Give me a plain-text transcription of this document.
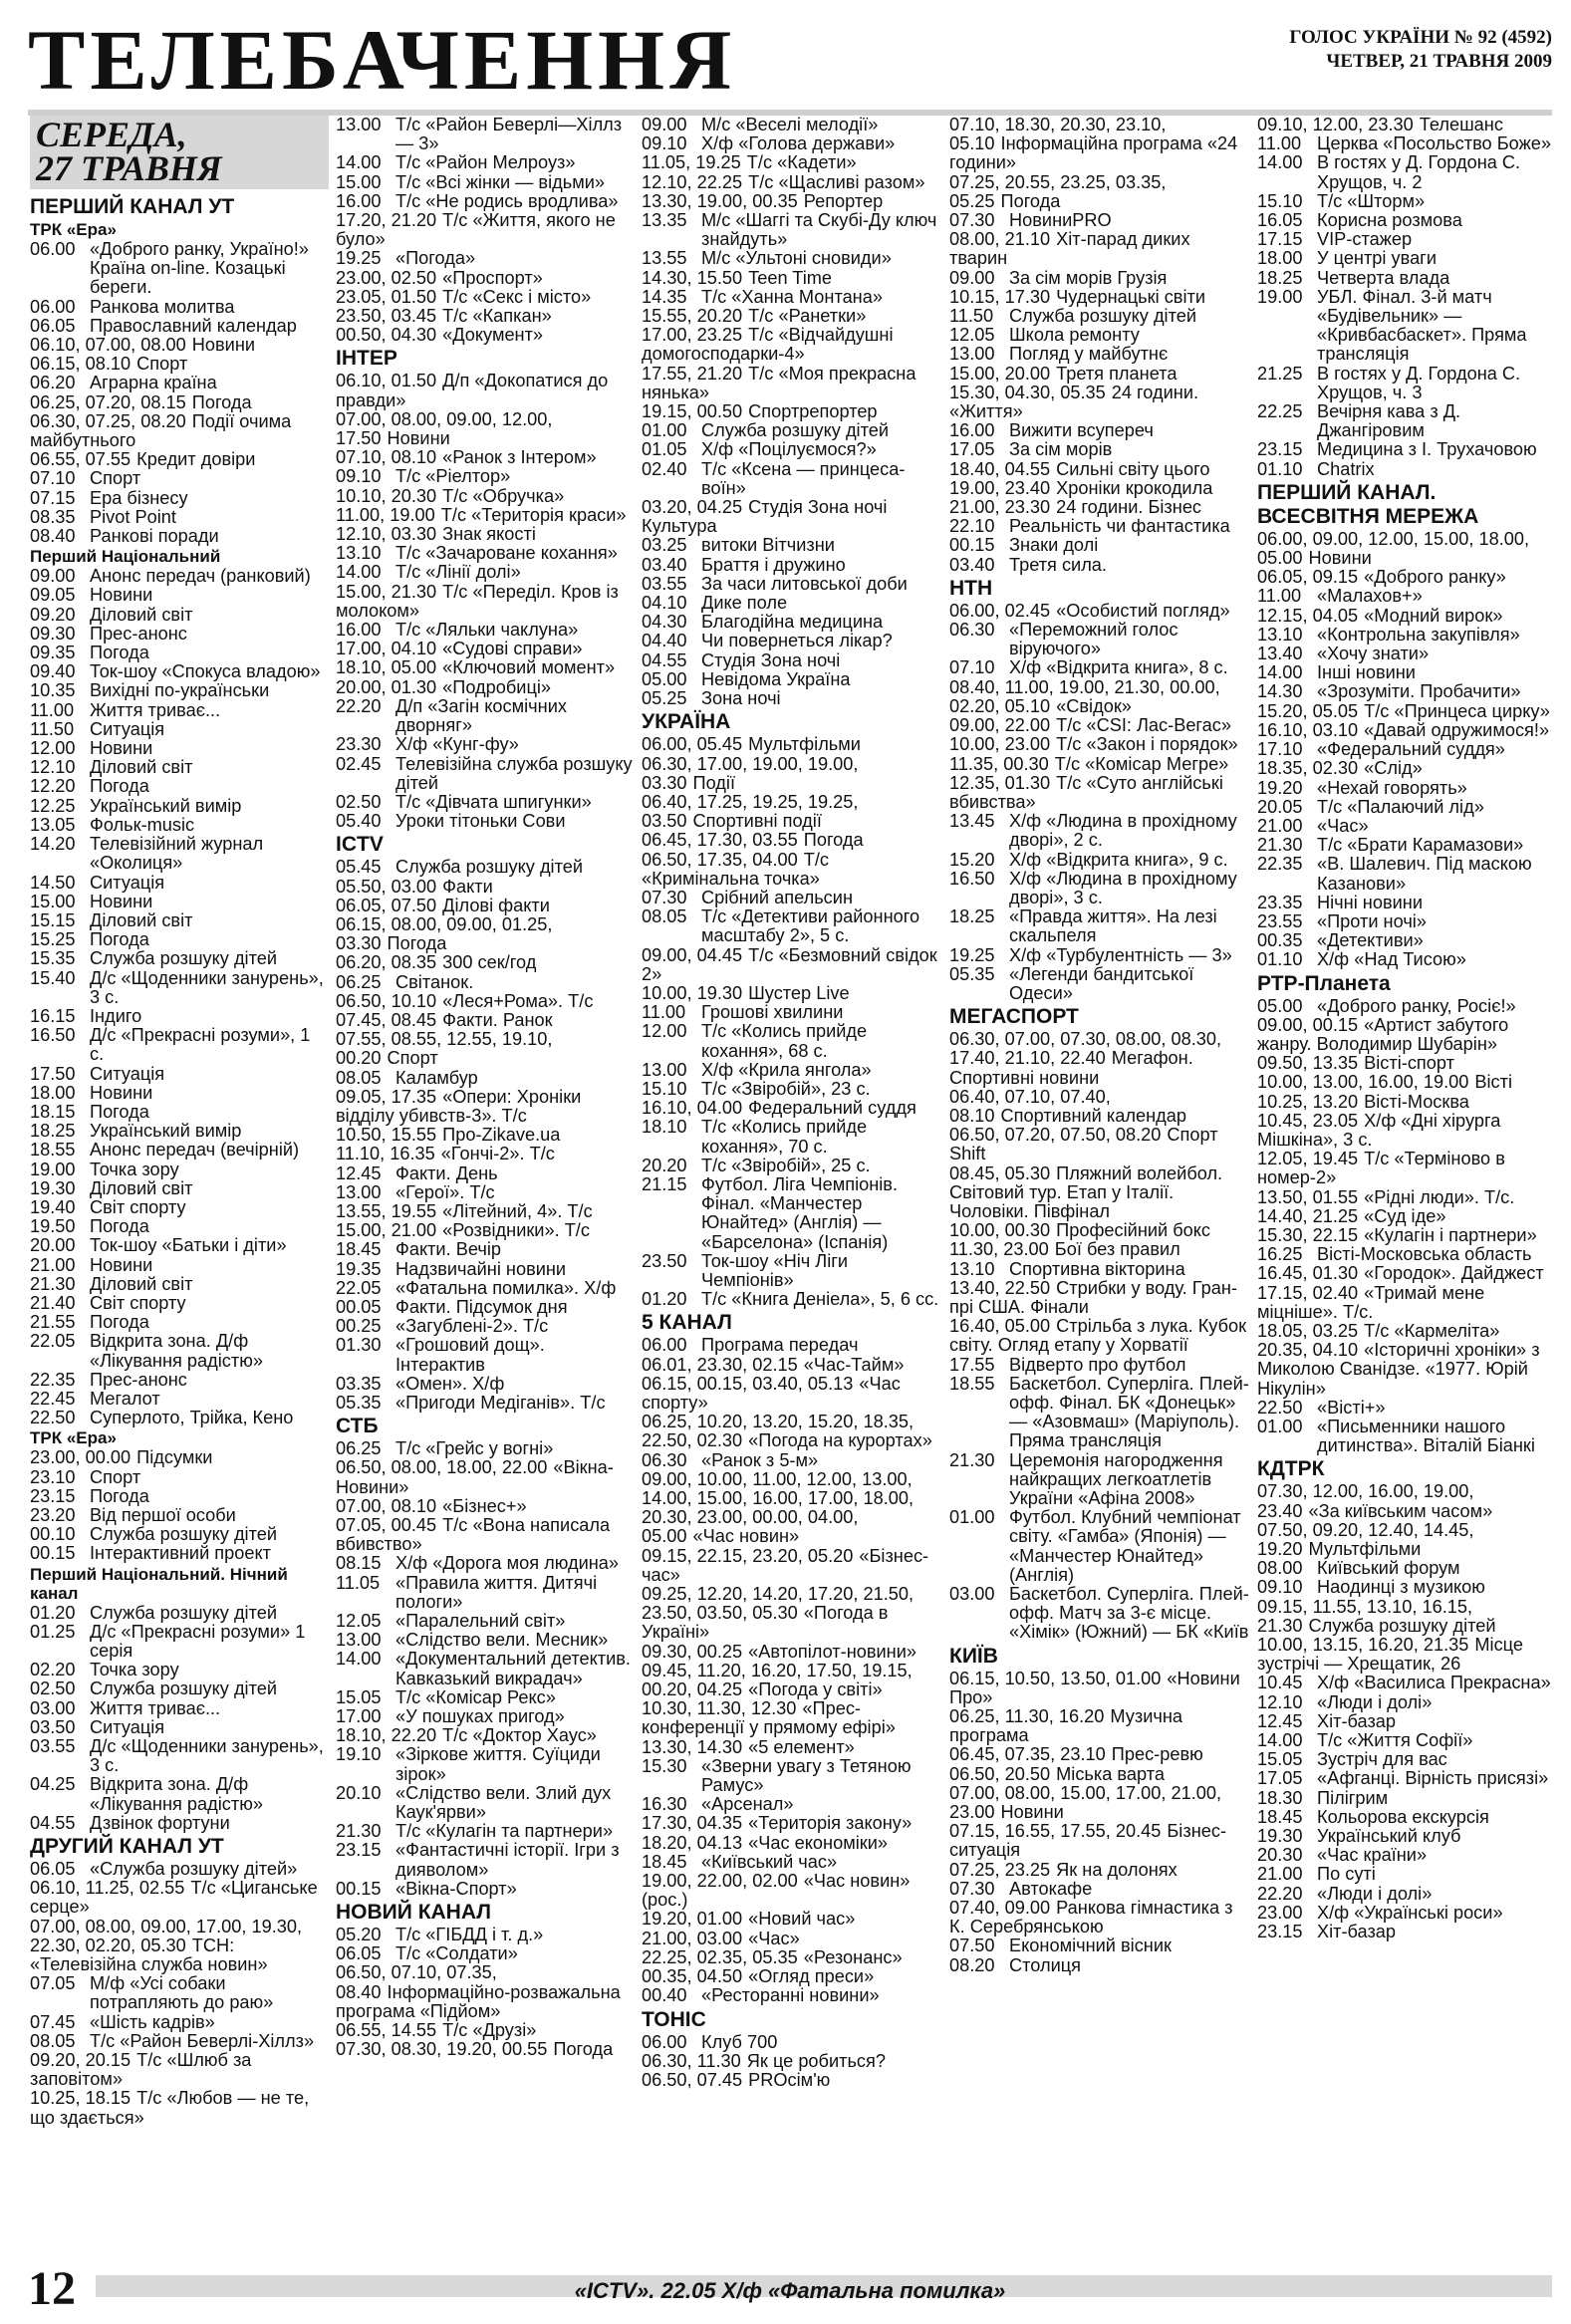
ТЕЛЕБАЧЕННЯ	ГОЛОС УКРАЇНИ № 92 (4592)
ЧЕТВЕР, 21 ТРАВНЯ 2009
СЕРЕДА,
27 ТРАВНЯ
ПЕРШИЙ КАНАЛ УТ
ТРК «Ера»
06.00 «Доброго ранку, Україно!» Країна on-line. Козацькі береги.
06.00 Ранкова молитва
06.05 Православний календар
06.10, 07.00, 08.00 Новини
06.15, 08.10 Спорт
06.20 Аграрна країна
06.25, 07.20, 08.15 Погода
06.30, 07.25, 08.20 Події очима майбутнього
06.55, 07.55 Кредит довіри
07.10 Спорт
07.15 Ера бізнесу
08.35 Pivot Point
08.40 Ранкові поради
Перший Національний
09.00 Анонс передач (ранковий)
09.05 Новини
09.20 Діловий світ
09.30 Прес-анонс
09.35 Погода
09.40 Ток-шоу «Спокуса владою»
10.35 Вихідні по-українськи
11.00 Життя триває...
11.50 Ситуація
12.00 Новини
12.10 Діловий світ
12.20 Погода
12.25 Український вимір
13.05 Фольк-music
14.20 Телевізійний журнал «Околиця»
14.50 Ситуація
15.00 Новини
15.15 Діловий світ
15.25 Погода
15.35 Служба розшуку дітей
15.40 Д/с «Щоденники занурень», 3 с.
16.15 Індиго
16.50 Д/с «Прекрасні розуми», 1 с.
17.50 Ситуація
18.00 Новини
18.15 Погода
18.25 Український вимір
18.55 Анонс передач (вечірній)
19.00 Точка зору
19.30 Діловий світ
19.40 Світ спорту
19.50 Погода
20.00 Ток-шоу «Батьки і діти»
21.00 Новини
21.30 Діловий світ
21.40 Світ спорту
21.55 Погода
22.05 Відкрита зона. Д/ф «Лікування радістю»
22.35 Прес-анонс
22.45 Мегалот
22.50 Суперлото, Трійка, Кено
ТРК «Ера»
23.00, 00.00 Підсумки
23.10 Спорт
23.15 Погода
23.20 Від першої особи
00.10 Служба розшуку дітей
00.15 Інтерактивний проект
Перший Національний. Нічний канал
01.20 Служба розшуку дітей
01.25 Д/с «Прекрасні розуми» 1 серія
02.20 Точка зору
02.50 Служба розшуку дітей
03.00 Життя триває...
03.50 Ситуація
03.55 Д/с «Щоденники занурень», 3 с.
04.25 Відкрита зона. Д/ф «Лікування радістю»
04.55 Дзвінок фортуни
ДРУГИЙ КАНАЛ УТ
06.05 «Служба розшуку дітей»
06.10, 11.25, 02.55 Т/с «Циганське серце»
07.00, 08.00, 09.00, 17.00, 19.30, 22.30, 02.20, 05.30 ТСН: «Телевізійна служба новин»
07.05 М/ф «Усі собаки потрапляють до раю»
07.45 «Шість кадрів»
08.05 Т/с «Район Беверлі-Хіллз»
09.20, 20.15 Т/с «Шлюб за заповітом»
10.25, 18.15 Т/с «Любов — не те, що здається»
13.00 Т/с «Район Беверлі—Хіллз — 3»
14.00 Т/с «Район Мелроуз»
15.00 Т/с «Всі жінки — відьми»
16.00 Т/с «Не родись вродлива»
17.20, 21.20 Т/с «Життя, якого не було»
19.25 «Погода»
23.00, 02.50 «Проспорт»
23.05, 01.50 Т/с «Секс і місто»
23.50, 03.45 Т/с «Капкан»
00.50, 04.30 «Документ»
ІНТЕР
06.10, 01.50 Д/п «Докопатися до правди»
07.00, 08.00, 09.00, 12.00, 17.50 Новини
07.10, 08.10 «Ранок з Інтером»
09.10 Т/с «Ріелтор»
10.10, 20.30 Т/с «Обручка»
11.00, 19.00 Т/с «Територія краси»
12.10, 03.30 Знак якості
13.10 Т/с «Зачароване кохання»
14.00 Т/с «Лінії долі»
15.00, 21.30 Т/с «Переділ. Кров із молоком»
16.00 Т/с «Ляльки чаклуна»
17.00, 04.10 «Судові справи»
18.10, 05.00 «Ключовий момент»
20.00, 01.30 «Подробиці»
22.20 Д/п «Загін космічних дворняг»
23.30 Х/ф «Кунг-фу»
02.45 Телевізійна служба розшуку дітей
02.50 Т/с «Дівчата шпигунки»
05.40 Уроки тітоньки Сови
ICTV
05.45 Служба розшуку дітей
05.50, 03.00 Факти
06.05, 07.50 Ділові факти
06.15, 08.00, 09.00, 01.25, 03.30 Погода
06.20, 08.35 300 сек/год
06.25 Світанок.
06.50, 10.10 «Леся+Рома». Т/с
07.45, 08.45 Факти. Ранок
07.55, 08.55, 12.55, 19.10, 00.20 Спорт
08.05 Каламбур
09.05, 17.35 «Опери: Хроніки відділу убивств-3». Т/с
10.50, 15.55 Про-Zikave.ua
11.10, 16.35 «Гончі-2». Т/с
12.45 Факти. День
13.00 «Герої». Т/с
13.55, 19.55 «Літейний, 4». Т/с
15.00, 21.00 «Розвідники». Т/с
18.45 Факти. Вечір
19.35 Надзвичайні новини
22.05 «Фатальна помилка». Х/ф
00.05 Факти. Підсумок дня
00.25 «Загублені-2». Т/с
01.30 «Грошовий дощ». Інтерактив
03.35 «Омен». Х/ф
05.35 «Пригоди Медіганів». Т/с
СТБ
06.25 Т/с «Грейс у вогні»
06.50, 08.00, 18.00, 22.00 «Вікна-Новини»
07.00, 08.10 «Бізнес+»
07.05, 00.45 Т/с «Вона написала вбивство»
08.15 Х/ф «Дорога моя людина»
11.05 «Правила життя. Дитячі пологи»
12.05 «Паралельний світ»
13.00 «Слідство вели. Месник»
14.00 «Документальний детектив. Кавказький викрадач»
15.05 Т/с «Комісар Рекс»
17.00 «У пошуках пригод»
18.10, 22.20 Т/с «Доктор Хаус»
19.10 «Зіркове життя. Суїциди зірок»
20.10 «Слідство вели. Злий дух Каук'ярви»
21.30 Т/с «Кулагін та партнери»
23.15 «Фантастичні історії. Ігри з дияволом»
00.15 «Вікна-Спорт»
НОВИЙ КАНАЛ
05.20 Т/с «ГІБДД і т. д.»
06.05 Т/с «Солдати»
06.50, 07.10, 07.35, 08.40 Інформаційно-розважальна програма «Підйом»
06.55, 14.55 Т/с «Друзі»
07.30, 08.30, 19.20, 00.55 Погода
09.00 М/с «Веселі мелодії»
09.10 Х/ф «Голова держави»
11.05, 19.25 Т/с «Кадети»
12.10, 22.25 Т/с «Щасливі разом»
13.30, 19.00, 00.35 Репортер
13.35 М/с «Шаггі та Скубі-Ду ключ знайдуть»
13.55 М/с «Ультоні сновиди»
14.30, 15.50 Teen Time
14.35 Т/с «Ханна Монтана»
15.55, 20.20 Т/с «Ранетки»
17.00, 23.25 Т/с «Відчайдушні домогосподарки-4»
17.55, 21.20 Т/с «Моя прекрасна нянька»
19.15, 00.50 Спортрепортер
01.00 Служба розшуку дітей
01.05 Х/ф «Поцілуємося?»
02.40 Т/с «Ксена — принцеса-воїн»
03.20, 04.25 Студія Зона ночі Культура
03.25 витоки Вітчизни
03.40 Браття і дружино
03.55 За часи литовської доби
04.10 Дике поле
04.30 Благодійна медицина
04.40 Чи повернеться лікар?
04.55 Студія Зона ночі
05.00 Невідома Україна
05.25 Зона ночі
УКРАЇНА
06.00, 05.45 Мультфільми
06.30, 17.00, 19.00, 19.00, 03.30 Події
06.40, 17.25, 19.25, 19.25, 03.50 Спортивні події
06.45, 17.30, 03.55 Погода
06.50, 17.35, 04.00 Т/с «Кримінальна точка»
07.30 Срібний апельсин
08.05 Т/с «Детективи районного масштабу 2», 5 с.
09.00, 04.45 Т/с «Безмовний свідок 2»
10.00, 19.30 Шустер Live
11.00 Грошові хвилини
12.00 Т/с «Колись прийде кохання», 68 с.
13.00 Х/ф «Крила янгола»
15.10 Т/с «Звіробій», 23 с.
16.10, 04.00 Федеральний суддя
18.10 Т/с «Колись прийде кохання», 70 с.
20.20 Т/с «Звіробій», 25 с.
21.15 Футбол. Ліга Чемпіонів. Фінал. «Манчестер Юнайтед» (Англія) — «Барселона» (Іспанія)
23.50 Ток-шоу «Ніч Ліги Чемпіонів»
01.20 Т/с «Книга Деніела», 5, 6 сс.
5 КАНАЛ
06.00 Програма передач
06.01, 23.30, 02.15 «Час-Тайм»
06.15, 00.15, 03.40, 05.13 «Час спорту»
06.25, 10.20, 13.20, 15.20, 18.35, 22.50, 02.30 «Погода на курортах»
06.30 «Ранок з 5-м»
09.00, 10.00, 11.00, 12.00, 13.00, 14.00, 15.00, 16.00, 17.00, 18.00, 20.30, 23.00, 00.00, 04.00, 05.00 «Час новин»
09.15, 22.15, 23.20, 05.20 «Бізнес-час»
09.25, 12.20, 14.20, 17.20, 21.50, 23.50, 03.50, 05.30 «Погода в Україні»
09.30, 00.25 «Автопілот-новини»
09.45, 11.20, 16.20, 17.50, 19.15, 00.20, 04.25 «Погода у світі»
10.30, 11.30, 12.30 «Прес-конференції у прямому ефірі»
13.30, 14.30 «5 елемент»
15.30 «Зверни увагу з Тетяною Рамус»
16.30 «Арсенал»
17.30, 04.35 «Територія закону»
18.20, 04.13 «Час економіки»
18.45 «Київський час»
19.00, 22.00, 02.00 «Час новин» (рос.)
19.20, 01.00 «Новий час»
21.00, 03.00 «Час»
22.25, 02.35, 05.35 «Резонанс»
00.35, 04.50 «Огляд преси»
00.40 «Ресторанні новини»
ТОНІС
06.00 Клуб 700
06.30, 11.30 Як це робиться?
06.50, 07.45 PROсім'ю
07.10, 18.30, 20.30, 23.10, 05.10 Інформаційна програма «24 години»
07.25, 20.55, 23.25, 03.35, 05.25 Погода
07.30 НовиниPRO
08.00, 21.10 Хіт-парад диких тварин
09.00 За сім морів Грузія
10.15, 17.30 Чудернацькі світи
11.50 Служба розшуку дітей
12.05 Школа ремонту
13.00 Погляд у майбутнє
15.00, 20.00 Третя планета
15.30, 04.30, 05.35 24 години. «Життя»
16.00 Вижити всупереч
17.05 За сім морів
18.40, 04.55 Сильні світу цього
19.00, 23.40 Хроніки крокодила
21.00, 23.30 24 години. Бізнес
22.10 Реальність чи фантастика
00.15 Знаки долі
03.40 Третя сила.
НТН
06.00, 02.45 «Особистий погляд»
06.30 «Переможний голос віруючого»
07.10 Х/ф «Відкрита книга», 8 с.
08.40, 11.00, 19.00, 21.30, 00.00, 02.20, 05.10 «Свідок»
09.00, 22.00 Т/с «CSI: Лас-Вегас»
10.00, 23.00 Т/с «Закон і порядок»
11.35, 00.30 Т/с «Комісар Мегре»
12.35, 01.30 Т/с «Суто англійські вбивства»
13.45 Х/ф «Людина в прохідному дворі», 2 с.
15.20 Х/ф «Відкрита книга», 9 с.
16.50 Х/ф «Людина в прохідному дворі», 3 с.
18.25 «Правда життя». На лезі скальпеля
19.25 Х/ф «Турбулентність — 3»
05.35 «Легенди бандитської Одеси»
МЕГАСПОРТ
06.30, 07.00, 07.30, 08.00, 08.30, 17.40, 21.10, 22.40 Мегафон. Спортивні новини
06.40, 07.10, 07.40, 08.10 Спортивний календар
06.50, 07.20, 07.50, 08.20 Спорт Shift
08.45, 05.30 Пляжний волейбол. Світовий тур. Етап у Італії. Чоловіки. Півфінал
10.00, 00.30 Професійний бокс
11.30, 23.00 Бої без правил
13.10 Спортивна вікторина
13.40, 22.50 Стрибки у воду. Гран-прі США. Фінали
16.40, 05.00 Стрільба з лука. Кубок світу. Огляд етапу у Хорватії
17.55 Відверто про футбол
18.55 Баскетбол. Суперліга. Плей-офф. Фінал. БК «Донецьк» — «Азовмаш» (Маріуполь). Пряма трансляція
21.30 Церемонія нагородження найкращих легкоатлетів України «Афіна 2008»
01.00 Футбол. Клубний чемпіонат світу. «Гамба» (Японія) — «Манчестер Юнайтед» (Англія)
03.00 Баскетбол. Суперліга. Плей-офф. Матч за 3-є місце. «Хімік» (Южний) — БК «Київ
КИЇВ
06.15, 10.50, 13.50, 01.00 «Новини Про»
06.25, 11.30, 16.20 Музична програма
06.45, 07.35, 23.10 Прес-ревю
06.50, 20.50 Міська варта
07.00, 08.00, 15.00, 17.00, 21.00, 23.00 Новини
07.15, 16.55, 17.55, 20.45 Бізнес-ситуація
07.25, 23.25 Як на долонях
07.30 Автокафе
07.40, 09.00 Ранкова гімнастика з К. Серебрянською
07.50 Економічний вісник
08.20 Столиця
09.10, 12.00, 23.30 Телешанс
11.00 Церква «Посольство Боже»
14.00 В гостях у Д. Гордона С. Хрущов, ч. 2
15.10 Т/с «Шторм»
16.05 Корисна розмова
17.15 VIP-стажер
18.00 У центрі уваги
18.25 Четверта влада
19.00 УБЛ. Фінал. 3-й матч «Будівельник» — «Кривбасбаскет». Пряма трансляція
21.25 В гостях у Д. Гордона С. Хрущов, ч. 3
22.25 Вечірня кава з Д. Джангіровим
23.15 Медицина з І. Трухачовою
01.10 Chatrix
ПЕРШИЙ КАНАЛ. ВСЕСВІТНЯ МЕРЕЖА
06.00, 09.00, 12.00, 15.00, 18.00, 05.00 Новини
06.05, 09.15 «Доброго ранку»
11.00 «Малахов+»
12.15, 04.05 «Модний вирок»
13.10 «Контрольна закупівля»
13.40 «Хочу знати»
14.00 Інші новини
14.30 «Зрозуміти. Пробачити»
15.20, 05.05 Т/с «Принцеса цирку»
16.10, 03.10 «Давай одружимося!»
17.10 «Федеральний суддя»
18.35, 02.30 «Слід»
19.20 «Нехай говорять»
20.05 Т/с «Палаючий лід»
21.00 «Час»
21.30 Т/с «Брати Карамазови»
22.35 «В. Шалевич. Під маскою Казанови»
23.35 Нічні новини
23.55 «Проти ночі»
00.35 «Детективи»
01.10 Х/ф «Над Тисою»
РТР-Планета
05.00 «Доброго ранку, Росіє!»
09.00, 00.15 «Артист забутого жанру. Володимир Шубарін»
09.50, 13.35 Вісті-спорт
10.00, 13.00, 16.00, 19.00 Вісті
10.25, 13.20 Вісті-Москва
10.45, 23.05 Х/ф «Дні хірурга Мішкіна», 3 с.
12.05, 19.45 Т/с «Терміново в номер-2»
13.50, 01.55 «Рідні люди». Т/с.
14.40, 21.25 «Суд іде»
15.30, 22.15 «Кулагін і партнери»
16.25 Вісті-Московська область
16.45, 01.30 «Городок». Дайджест
17.15, 02.40 «Тримай мене міцніше». Т/с.
18.05, 03.25 Т/с «Кармеліта»
20.35, 04.10 «Історичні хроніки» з Миколою Сванідзе. «1977. Юрій Нікулін»
22.50 «Вісті+»
01.00 «Письменники нашого дитинства». Віталій Біанкі
КДТРК
07.30, 12.00, 16.00, 19.00, 23.40 «За київським часом»
07.50, 09.20, 12.40, 14.45, 19.20 Мультфільми
08.00 Київський форум
09.10 Наодинці з музикою
09.15, 11.55, 13.10, 16.15, 21.30 Служба розшуку дітей
10.00, 13.15, 16.20, 21.35 Місце зустрічі — Хрещатик, 26
10.45 Х/ф «Василиса Прекрасна»
12.10 «Люди і долі»
12.45 Хіт-базар
14.00 Т/с «Життя Софії»
15.05 Зустріч для вас
17.05 «Афганці. Вірність присязі»
18.30 Пілігрим
18.45 Кольорова екскурсія
19.30 Український клуб
20.30 «Час країни»
21.00 По суті
22.20 «Люди і долі»
23.00 Х/ф «Українські роси»
23.15 Хіт-базар
12	«ICTV». 22.05 Х/ф «Фатальна помилка»
